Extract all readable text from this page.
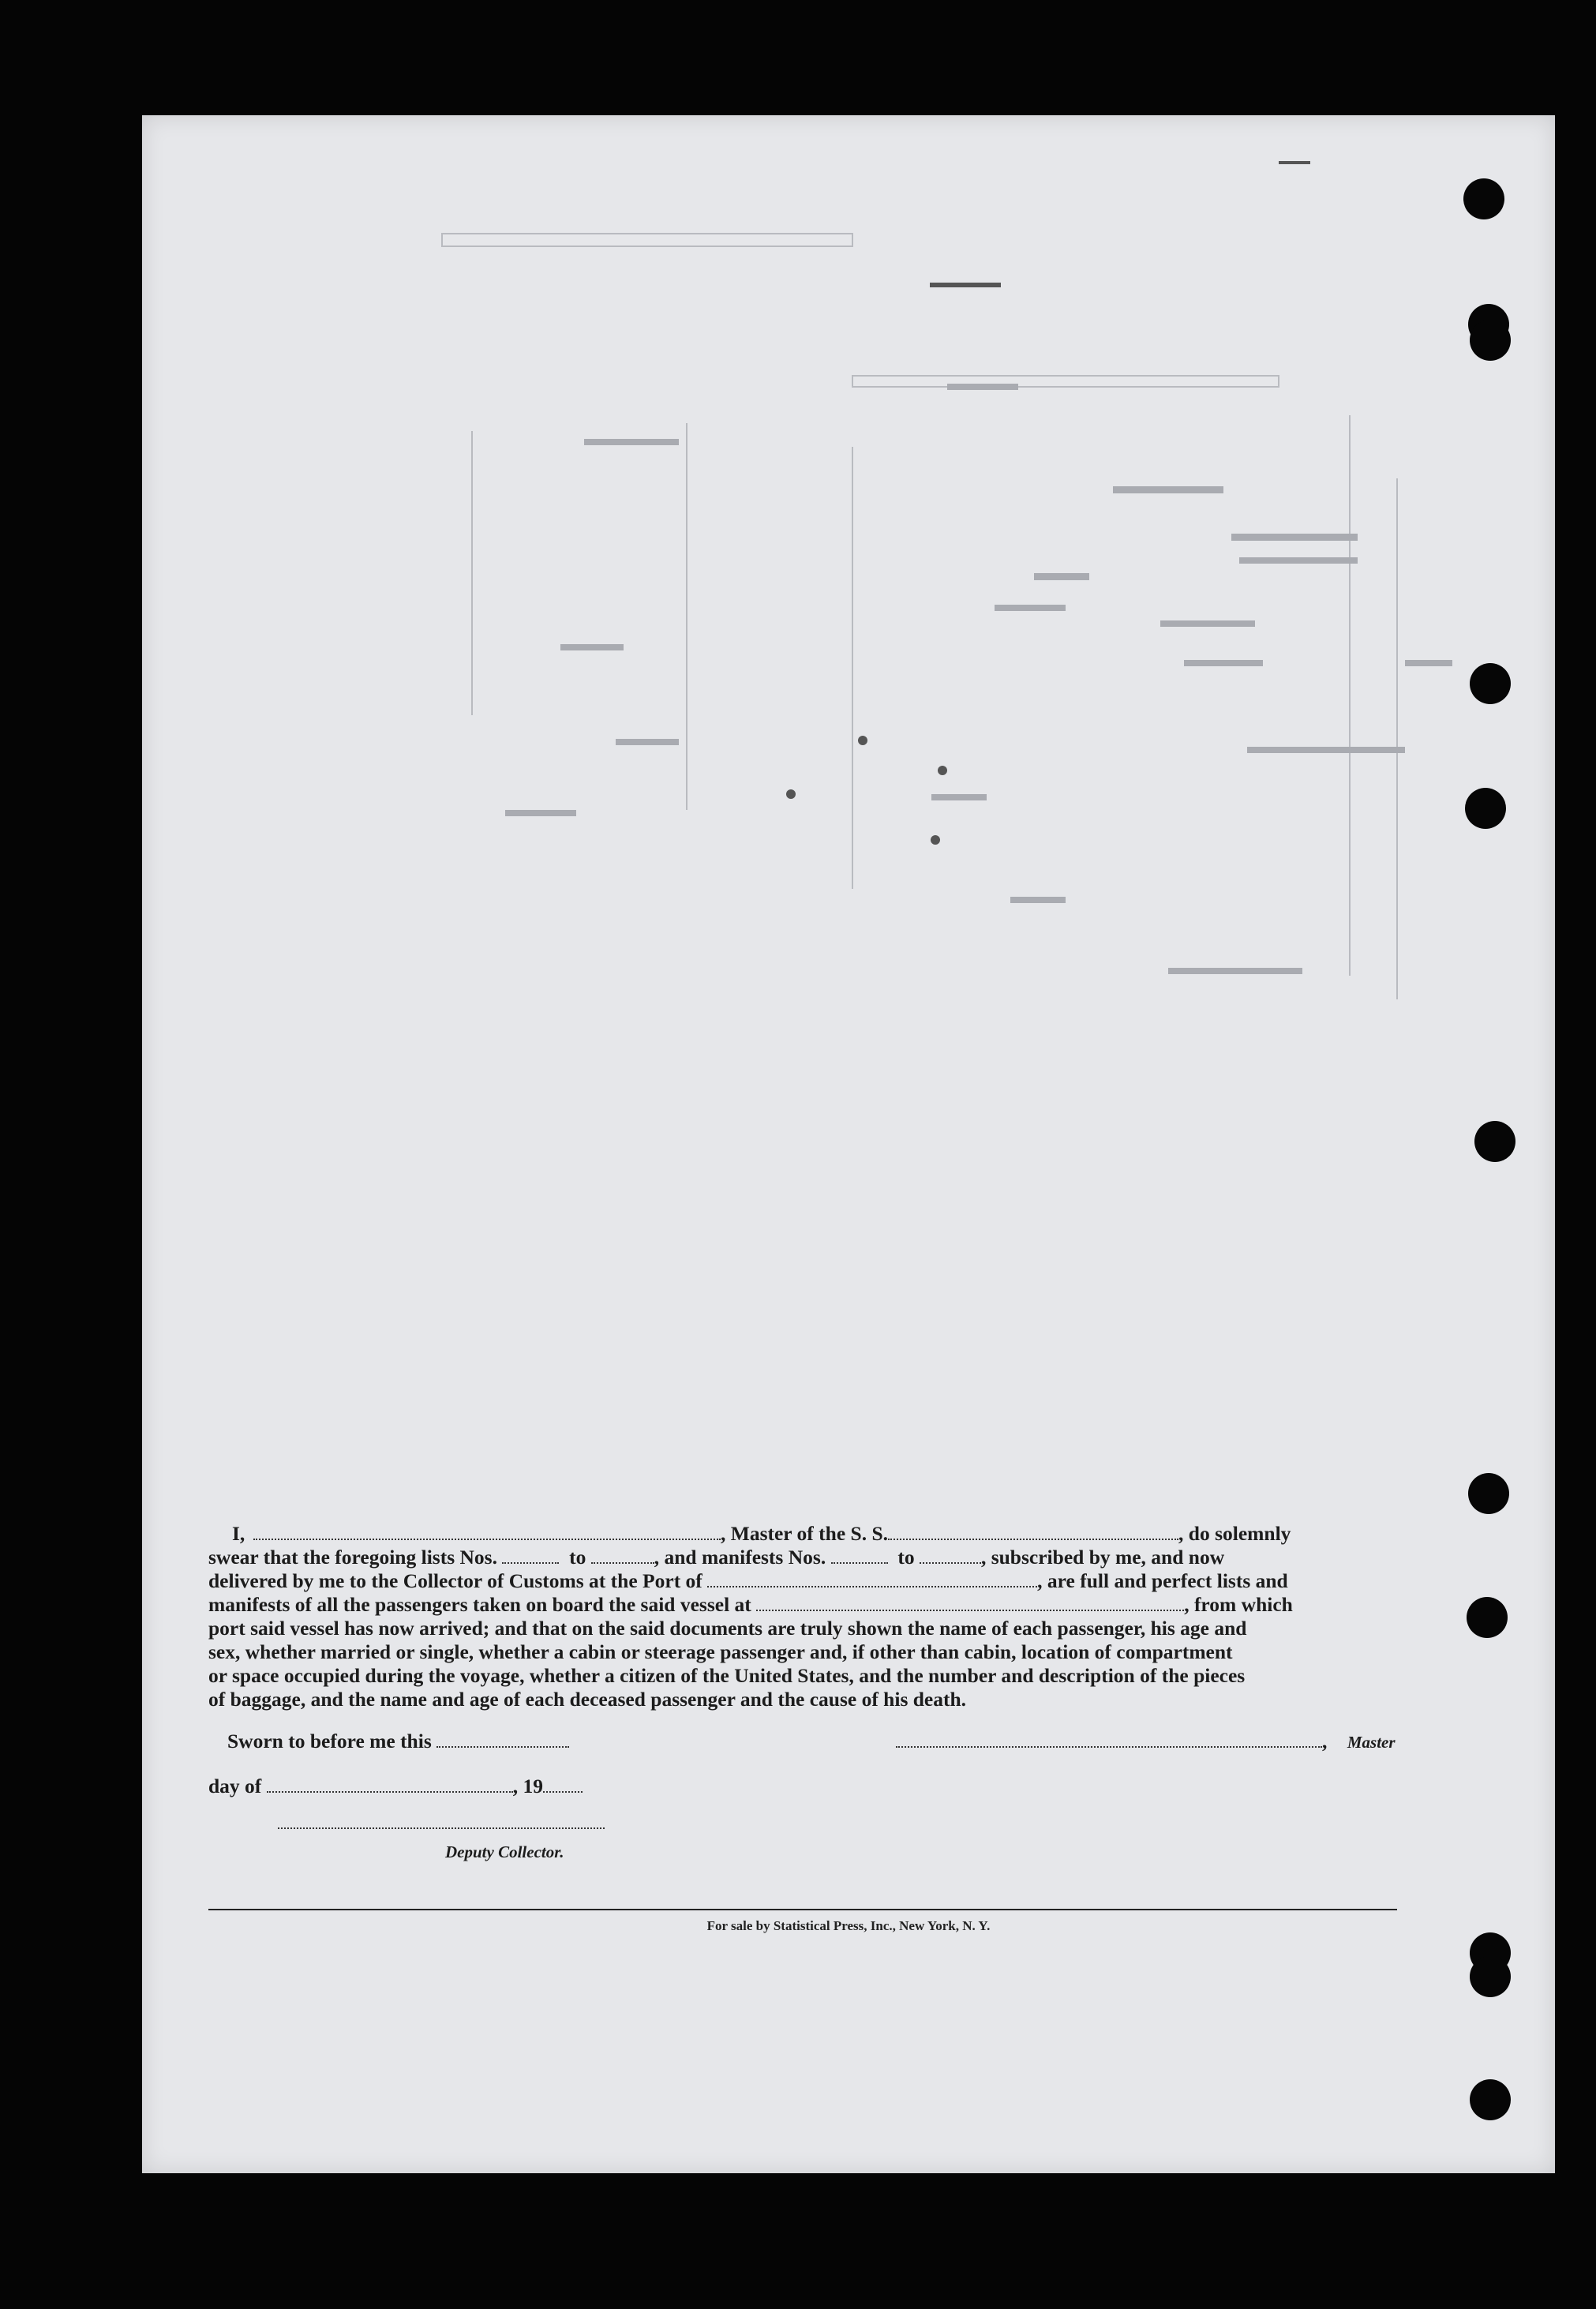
I,	, Master of the S. S.	, do solemnly
swear that the foregoing lists Nos.	to	, and manifests Nos.	to	, subscribed by me, and now
delivered by me to the Collector of Customs at the Port of	, are full and perfect lists and
manifests of all the passengers taken on board the said vessel at	, from which
port said vessel has now arrived; and that on the said documents are truly shown the name of each passenger, his age and
sex, whether married or single, whether a cabin or steerage passenger and, if other than cabin, location of compartment
or space occupied during the voyage, whether a citizen of the United States, and the number and description of the pieces
of baggage, and the name and age of each deceased passenger and the cause of his death.
Sworn to before me this	,    Master
day of	, 19
Deputy Collector.
For sale by Statistical Press, Inc., New York, N. Y.
